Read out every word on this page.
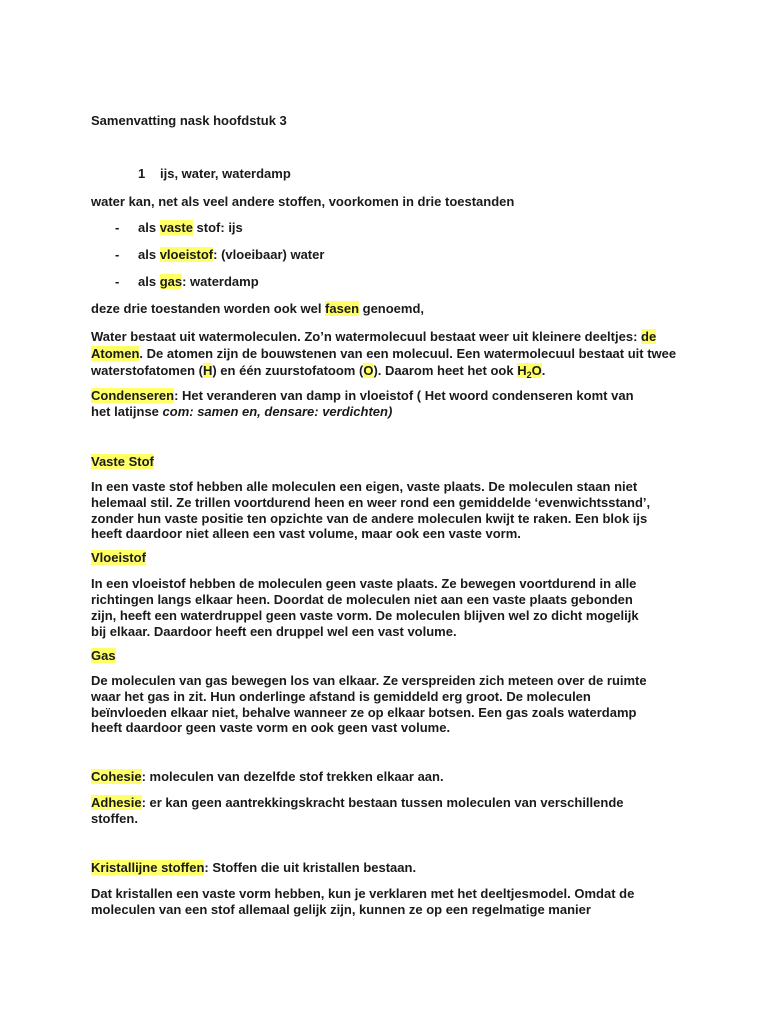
Samenvatting nask hoofdstuk 3
1 ijs, water, waterdamp
water kan, net als veel andere stoffen, voorkomen in drie toestanden
- als vaste stof: ijs
- als vloeistof: (vloeibaar) water
- als gas: waterdamp
deze drie toestanden worden ook wel fasen genoemd,
Water bestaat uit watermoleculen. Zo’n watermolecuul bestaat weer uit kleinere deeltjes: de
Atomen. De atomen zijn de bouwstenen van een molecuul. Een watermolecuul bestaat uit twee
waterstofatomen (H) en één zuurstofatoom (O). Daarom heet het ook $H_2O$.
Condenseren: Het veranderen van damp in vloeistof ( Het woord condenseren komt van
het latijnse com: samen en, densare: verdichten)
Vaste Stof
In een vaste stof hebben alle moleculen een eigen, vaste plaats. De moleculen staan niet
helemaal stil. Ze trillen voortdurend heen en weer rond een gemiddelde ‘evenwichtsstand’,
zonder hun vaste positie ten opzichte van de andere moleculen kwijt te raken. Een blok ijs
heeft daardoor niet alleen een vast volume, maar ook een vaste vorm.
Vloeistof
In een vloeistof hebben de moleculen geen vaste plaats. Ze bewegen voortdurend in alle
richtingen langs elkaar heen. Doordat de moleculen niet aan een vaste plaats gebonden
zijn, heeft een waterdruppel geen vaste vorm. De moleculen blijven wel zo dicht mogelijk
bij elkaar. Daardoor heeft een druppel wel een vast volume.
Gas
De moleculen van gas bewegen los van elkaar. Ze verspreiden zich meteen over de ruimte
waar het gas in zit. Hun onderlinge afstand is gemiddeld erg groot. De moleculen
beïnvloeden elkaar niet, behalve wanneer ze op elkaar botsen. Een gas zoals waterdamp
heeft daardoor geen vaste vorm en ook geen vast volume.
Cohesie: moleculen van dezelfde stof trekken elkaar aan.
Adhesie: er kan geen aantrekkingskracht bestaan tussen moleculen van verschillende
stoffen.
Kristallijne stoffen: Stoffen die uit kristallen bestaan.
Dat kristallen een vaste vorm hebben, kun je verklaren met het deeltjesmodel. Omdat de
moleculen van een stof allemaal gelijk zijn, kunnen ze op een regelmatige manier
